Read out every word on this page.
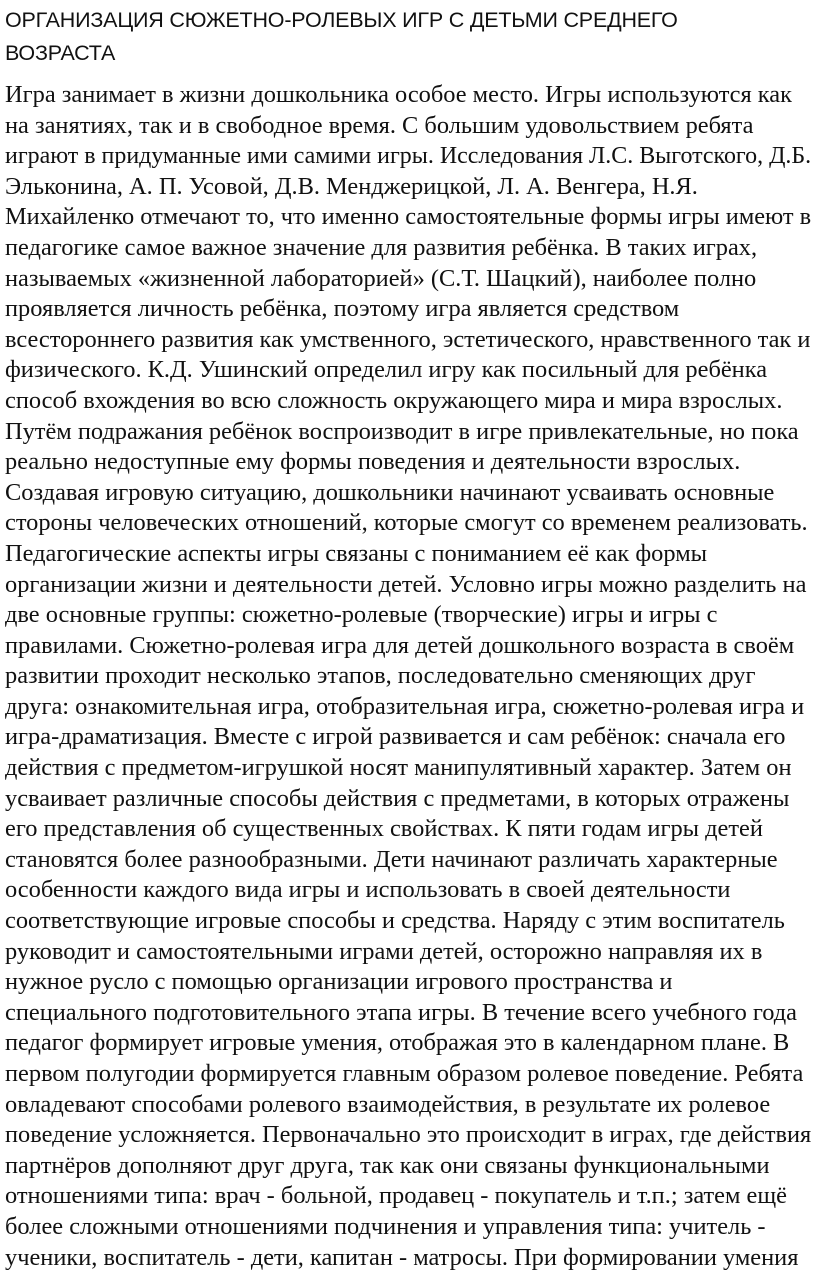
ОРГАНИЗАЦИЯ СЮЖЕТНО-РОЛЕВЫХ ИГР С ДЕТЬМИ СРЕДНЕГО
ВОЗРАСТА
Игра занимает в жизни дошкольника особое место. Игры используются как
на занятиях, так и в свободное время. С большим удовольствием ребята
играют в придуманные ими самими игры. Исследования Л.С. Выготского, Д.Б.
Эльконина, А. П. Усовой, Д.В. Менджерицкой, Л. А. Венгера, Н.Я.
Михайленко отмечают то, что именно самостоятельные формы игры имеют в
педагогике самое важное значение для развития ребёнка. В таких играх,
называемых «жизненной лабораторией» (С.Т. Шацкий), наиболее полно
проявляется личность ребёнка, поэтому игра является средством
всестороннего развития как умственного, эстетического, нравственного так и
физического. К.Д. Ушинский определил игру как посильный для ребёнка
способ вхождения во всю сложность окружающего мира и мира взрослых.
Путём подражания ребёнок воспроизводит в игре привлекательные, но пока
реально недоступные ему формы поведения и деятельности взрослых.
Создавая игровую ситуацию, дошкольники начинают усваивать основные
стороны человеческих отношений, которые смогут со временем реализовать.
Педагогические аспекты игры связаны с пониманием её как формы
организации жизни и деятельности детей. Условно игры можно разделить на
две основные группы: сюжетно-ролевые (творческие) игры и игры с
правилами. Сюжетно-ролевая игра для детей дошкольного возраста в своём
развитии проходит несколько этапов, последовательно сменяющих друг
друга: ознакомительная игра, отобразительная игра, сюжетно-ролевая игра и
игра-драматизация. Вместе с игрой развивается и сам ребёнок: сначала его
действия с предметом-игрушкой носят манипулятивный характер. Затем он
усваивает различные способы действия с предметами, в которых отражены
его представления об существенных свойствах. К пяти годам игры детей
становятся более разнообразными. Дети начинают различать характерные
особенности каждого вида игры и использовать в своей деятельности
соответствующие игровые способы и средства. Наряду с этим воспитатель
руководит и самостоятельными играми детей, осторожно направляя их в
нужное русло с помощью организации игрового пространства и
специального подготовительного этапа игры. В течение всего учебного года
педагог формирует игровые умения, отображая это в календарном плане. В
первом полугодии формируется главным образом ролевое поведение. Ребята
овладевают способами ролевого взаимодействия, в результате их ролевое
поведение усложняется. Первоначально это происходит в играх, где действия
партнёров дополняют друг друга, так как они связаны функциональными
отношениями типа: врач - больной, продавец - покупатель и т.п.; затем ещё
более сложными отношениями подчинения и управления типа: учитель -
ученики, воспитатель - дети, капитан - матросы. При формировании умения
